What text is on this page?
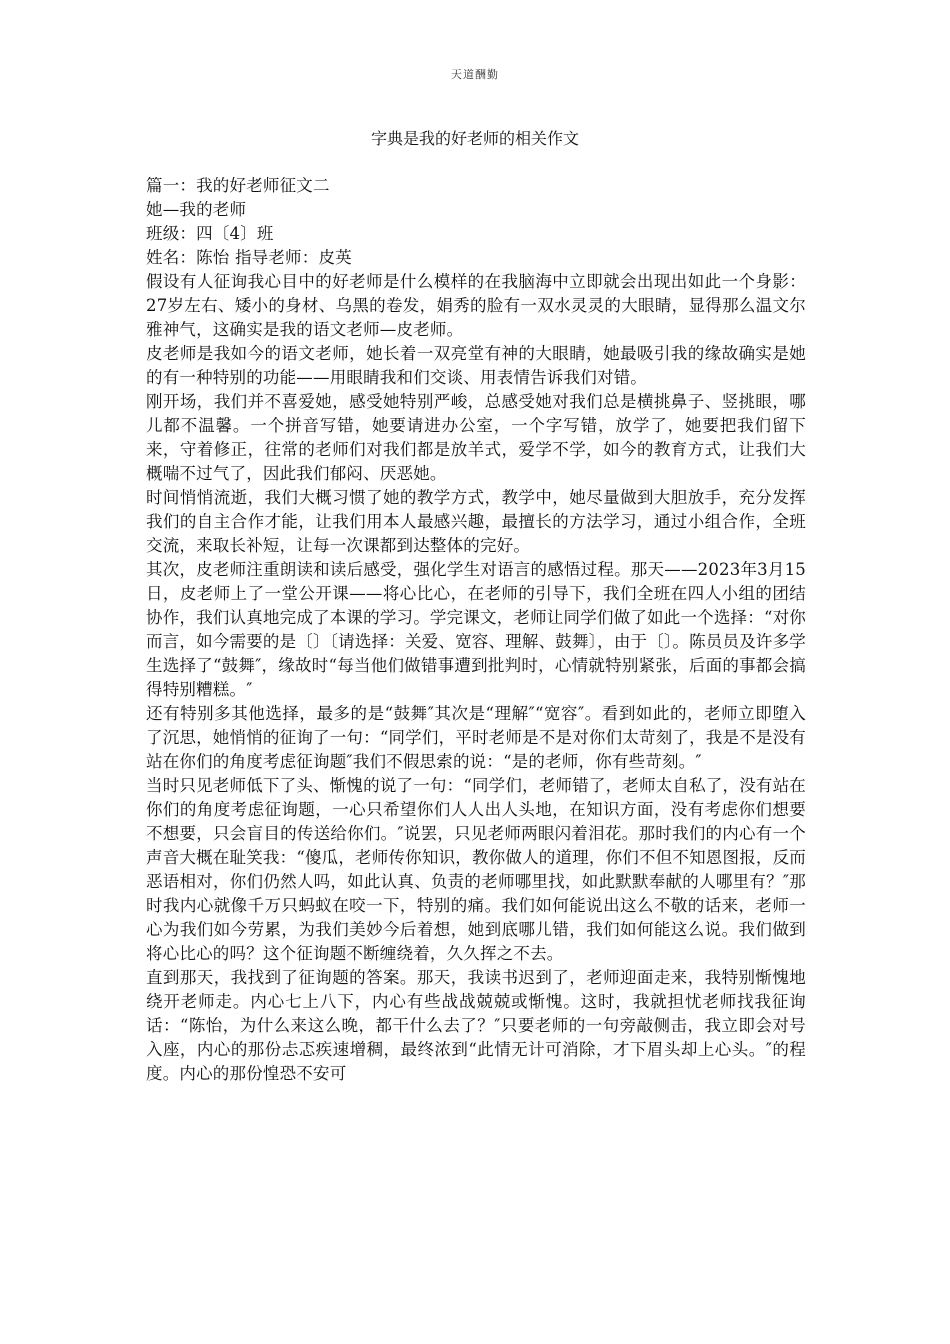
天道酬勤
字典是我的好老师的相关作文

篇一：我的好老师征文二

她—我的老师

班级：四〔4〕班

姓名：陈怡 指导老师：皮英

假设有人征询我心目中的好老师是什么模样的在我脑海中立即就会出现出如此一个身影：27岁左右、矮小的身材、乌黑的卷发，娟秀的脸有一双水灵灵的大眼睛，显得那么温文尔雅神气，这确实是我的语文老师—皮老师。

皮老师是我如今的语文老师，她长着一双亮堂有神的大眼睛，她最吸引我的缘故确实是她的有一种特别的功能——用眼睛我和们交谈、用表情告诉我们对错。

刚开场，我们并不喜爱她，感受她特别严峻，总感受她对我们总是横挑鼻子、竖挑眼，哪儿都不温馨。一个拼音写错，她要请进办公室，一个字写错，放学了，她要把我们留下来，守着修正，往常的老师们对我们都是放羊式，爱学不学，如今的教育方式，让我们大概喘不过气了，因此我们郁闷、厌恶她。

时间悄悄流逝，我们大概习惯了她的教学方式，教学中，她尽量做到大胆放手，充分发挥我们的自主合作才能，让我们用本人最感兴趣，最擅长的方法学习，通过小组合作，全班交流，来取长补短，让每一次课都到达整体的完好。

其次，皮老师注重朗读和读后感受，强化学生对语言的感悟过程。那天——2023年3月15日，皮老师上了一堂公开课——将心比心，在老师的引导下，我们全班在四人小组的团结协作，我们认真地完成了本课的学习。学完课文，老师让同学们做了如此一个选择：“对你而言，如今需要的是〔〕〔请选择：关爱、宽容、理解、鼓舞〕，由于〔〕。陈员员及许多学生选择了“鼓舞″，缘故时“每当他们做错事遭到批判时，心情就特别紧张，后面的事都会搞得特别糟糕。″

还有特别多其他选择，最多的是“鼓舞″其次是“理解″“宽容″。看到如此的，老师立即堕入了沉思，她悄悄的征询了一句：“同学们，平时老师是不是对你们太苛刻了，我是不是没有站在你们的角度考虑征询题″我们不假思索的说：“是的老师，你有些苛刻。″

当时只见老师低下了头、惭愧的说了一句：“同学们，老师错了，老师太自私了，没有站在你们的角度考虑征询题，一心只希望你们人人出人头地，在知识方面，没有考虑你们想要不想要，只会盲目的传送给你们。″说罢，只见老师两眼闪着泪花。那时我们的内心有一个声音大概在耻笑我：“傻瓜，老师传你知识，教你做人的道理，你们不但不知恩图报，反而恶语相对，你们仍然人吗，如此认真、负责的老师哪里找，如此默默奉献的人哪里有？″那时我内心就像千万只蚂蚁在咬一下，特别的痛。我们如何能说出这么不敬的话来，老师一心为我们如今劳累，为我们美妙今后着想，她到底哪儿错，我们如何能这么说。我们做到将心比心的吗？这个征询题不断缠绕着，久久挥之不去。

直到那天，我找到了征询题的答案。那天，我读书迟到了，老师迎面走来，我特别惭愧地绕开老师走。内心七上八下，内心有些战战兢兢或惭愧。这时，我就担忧老师找我征询话：“陈怡，为什么来这么晚，都干什么去了？″只要老师的一句旁敲侧击，我立即会对号入座，内心的那份忐忑疾速增稠，最终浓到“此情无计可消除，才下眉头却上心头。″的程度。内心的那份惶恐不安可
